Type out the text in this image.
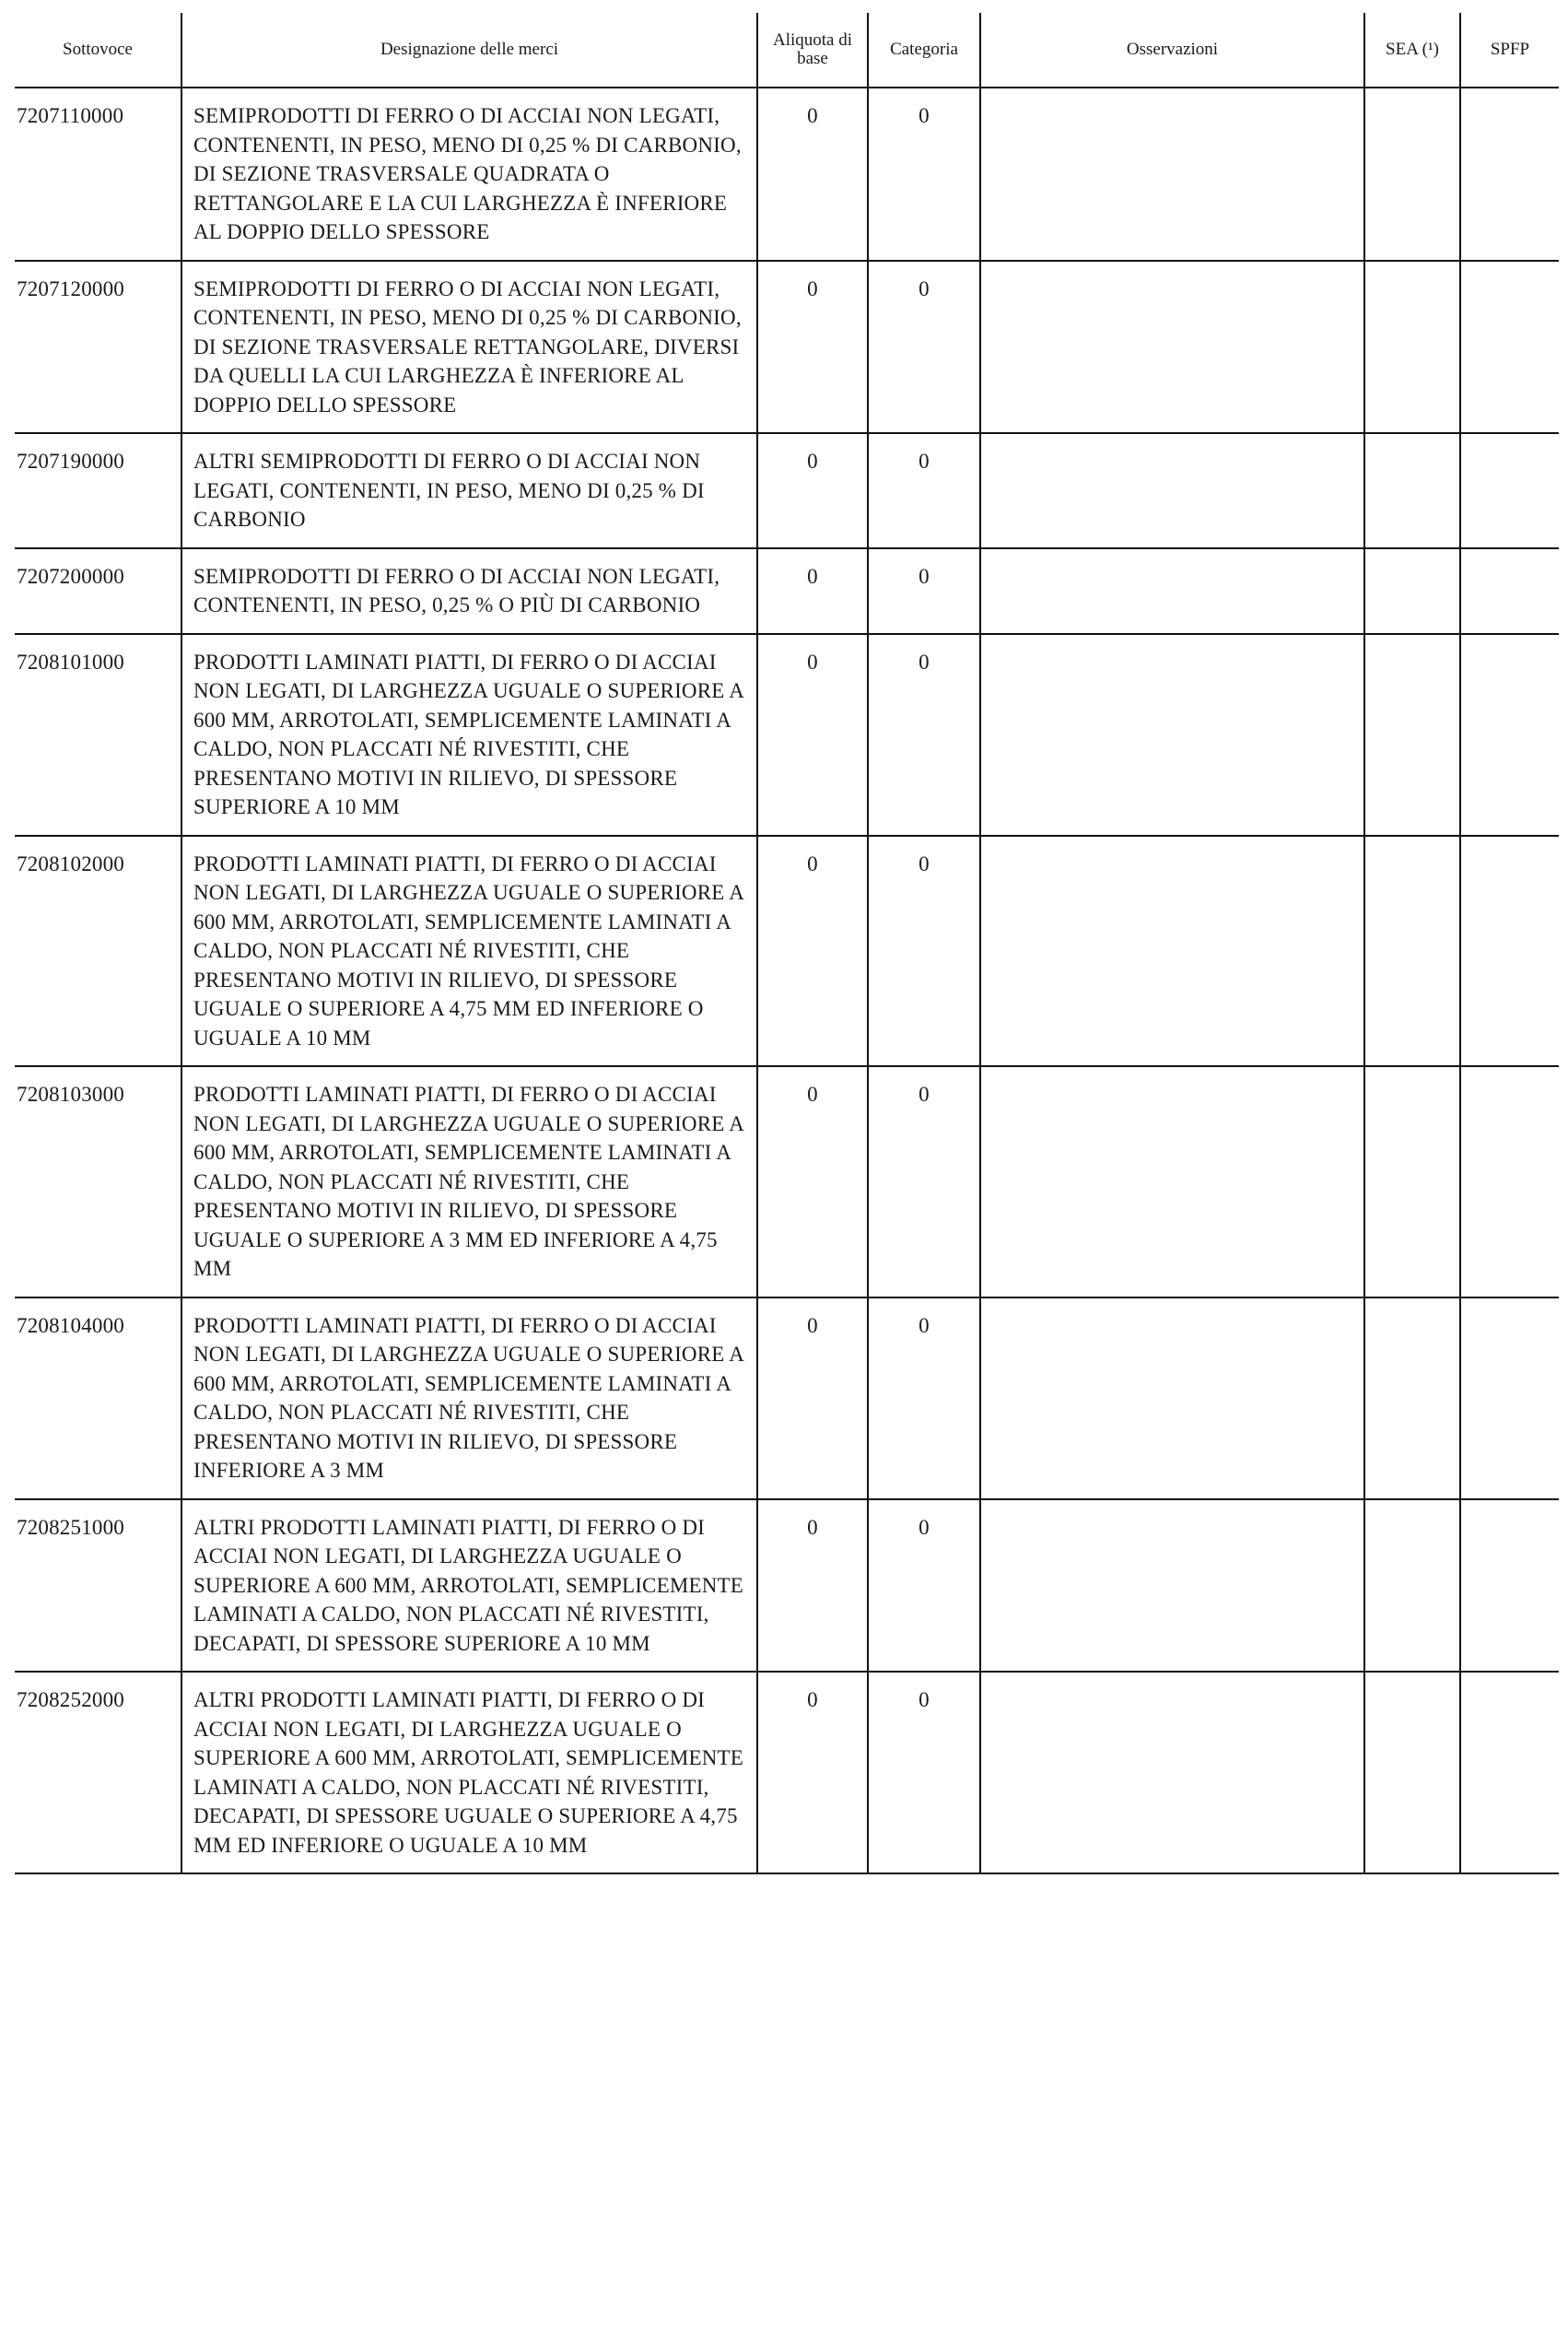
Sottovoce	Designazione delle merci	Aliquota di base	Categoria	Osservazioni	SEA (¹)	SPFP
7207110000	SEMIPRODOTTI DI FERRO O DI ACCIAI NON LEGATI, CONTENENTI, IN PESO, MENO DI 0,25 % DI CARBONIO, DI SEZIONE TRASVERSALE QUADRATA O RETTANGOLARE E LA CUI LARGHEZZA È INFERIORE AL DOPPIO DELLO SPESSORE	0	0			
7207120000	SEMIPRODOTTI DI FERRO O DI ACCIAI NON LEGATI, CONTENENTI, IN PESO, MENO DI 0,25 % DI CARBONIO, DI SEZIONE TRASVERSALE RETTANGOLARE, DIVERSI DA QUELLI LA CUI LARGHEZZA È INFERIORE AL DOPPIO DELLO SPESSORE	0	0			
7207190000	ALTRI SEMIPRODOTTI DI FERRO O DI ACCIAI NON LEGATI, CONTENENTI, IN PESO, MENO DI 0,25 % DI CARBONIO	0	0			
7207200000	SEMIPRODOTTI DI FERRO O DI ACCIAI NON LEGATI, CONTENENTI, IN PESO, 0,25 % O PIÙ DI CARBONIO	0	0			
7208101000	PRODOTTI LAMINATI PIATTI, DI FERRO O DI ACCIAI NON LEGATI, DI LARGHEZZA UGUALE O SUPERIORE A 600 MM, ARROTOLATI, SEMPLICEMENTE LAMINATI A CALDO, NON PLACCATI NÉ RIVESTITI, CHE PRESENTANO MOTIVI IN RILIEVO, DI SPESSORE SUPERIORE A 10 MM	0	0			
7208102000	PRODOTTI LAMINATI PIATTI, DI FERRO O DI ACCIAI NON LEGATI, DI LARGHEZZA UGUALE O SUPERIORE A 600 MM, ARROTOLATI, SEMPLICEMENTE LAMINATI A CALDO, NON PLACCATI NÉ RIVESTITI, CHE PRESENTANO MOTIVI IN RILIEVO, DI SPESSORE UGUALE O SUPERIORE A 4,75 MM ED INFERIORE O UGUALE A 10 MM	0	0			
7208103000	PRODOTTI LAMINATI PIATTI, DI FERRO O DI ACCIAI NON LEGATI, DI LARGHEZZA UGUALE O SUPERIORE A 600 MM, ARROTOLATI, SEMPLICEMENTE LAMINATI A CALDO, NON PLACCATI NÉ RIVESTITI, CHE PRESENTANO MOTIVI IN RILIEVO, DI SPESSORE UGUALE O SUPERIORE A 3 MM ED INFERIORE A 4,75 MM	0	0			
7208104000	PRODOTTI LAMINATI PIATTI, DI FERRO O DI ACCIAI NON LEGATI, DI LARGHEZZA UGUALE O SUPERIORE A 600 MM, ARROTOLATI, SEMPLICEMENTE LAMINATI A CALDO, NON PLACCATI NÉ RIVESTITI, CHE PRESENTANO MOTIVI IN RILIEVO, DI SPESSORE INFERIORE A 3 MM	0	0			
7208251000	ALTRI PRODOTTI LAMINATI PIATTI, DI FERRO O DI ACCIAI NON LEGATI, DI LARGHEZZA UGUALE O SUPERIORE A 600 MM, ARROTOLATI, SEMPLICEMENTE LAMINATI A CALDO, NON PLACCATI NÉ RIVESTITI, DECAPATI, DI SPESSORE SUPERIORE A 10 MM	0	0			
7208252000	ALTRI PRODOTTI LAMINATI PIATTI, DI FERRO O DI ACCIAI NON LEGATI, DI LARGHEZZA UGUALE O SUPERIORE A 600 MM, ARROTOLATI, SEMPLICEMENTE LAMINATI A CALDO, NON PLACCATI NÉ RIVESTITI, DECAPATI, DI SPESSORE UGUALE O SUPERIORE A 4,75 MM ED INFERIORE O UGUALE A 10 MM	0	0			
